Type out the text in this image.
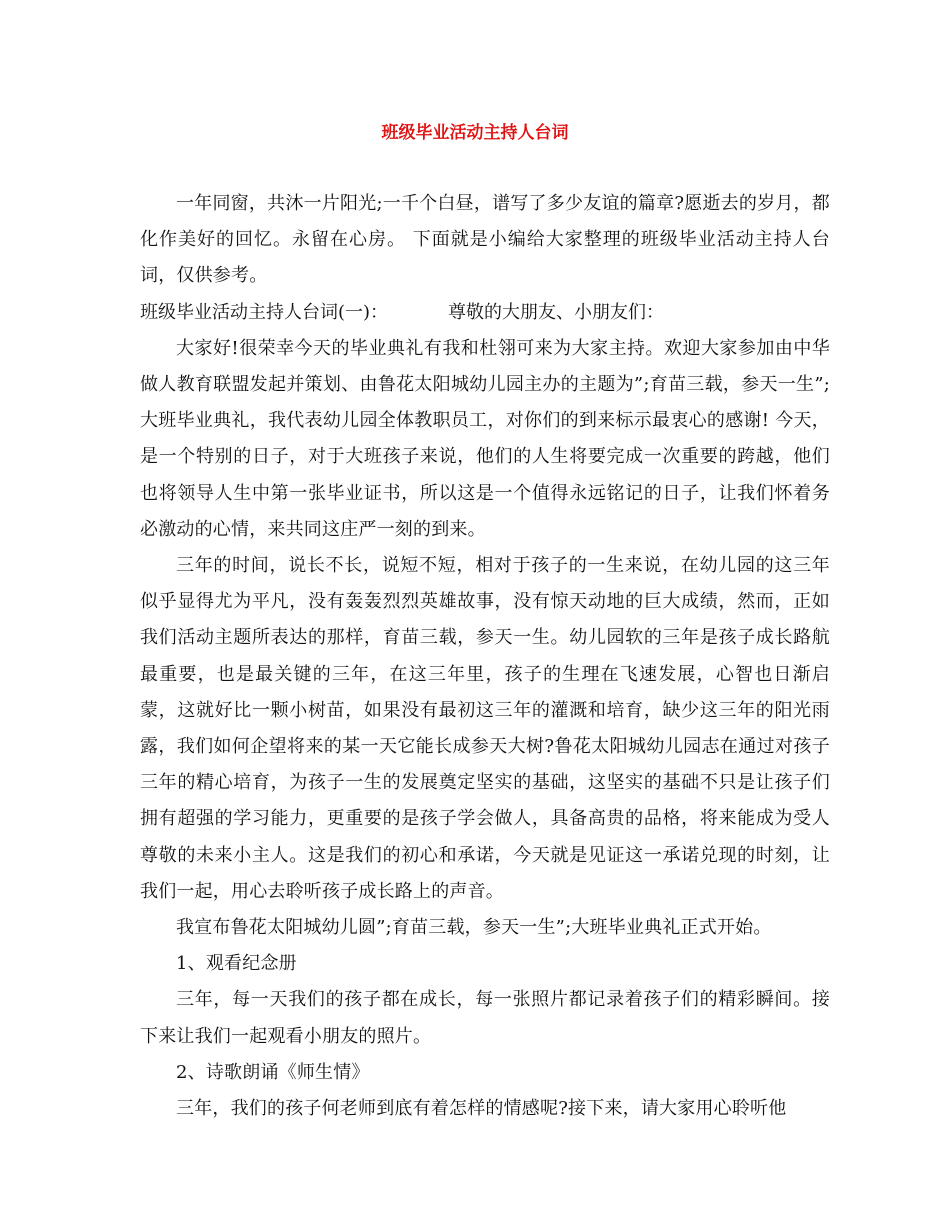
班级毕业活动主持人台词

一年同窗，共沐一片阳光;一千个白昼，谱写了多少友谊的篇章?愿逝去的岁月，都化作美好的回忆。永留在心房。 下面就是小编给大家整理的班级毕业活动主持人台词，仅供参考。

班级毕业活动主持人台词(一)：	尊敬的大朋友、小朋友们：

大家好!很荣幸今天的毕业典礼有我和杜翎可来为大家主持。欢迎大家参加由中华做人教育联盟发起并策划、由鲁花太阳城幼儿园主办的主题为”;育苗三载，参天一生”;大班毕业典礼，我代表幼儿园全体教职员工，对你们的到来标示最衷心的感谢! 今天，是一个特别的日子，对于大班孩子来说，他们的人生将要完成一次重要的跨越，他们也将领导人生中第一张毕业证书，所以这是一个值得永远铭记的日子，让我们怀着务必激动的心情，来共同这庄严一刻的到来。

三年的时间，说长不长，说短不短，相对于孩子的一生来说，在幼儿园的这三年似乎显得尤为平凡，没有轰轰烈烈英雄故事，没有惊天动地的巨大成绩，然而，正如我们活动主题所表达的那样，育苗三载，参天一生。幼儿园软的三年是孩子成长路航最重要，也是最关键的三年，在这三年里，孩子的生理在飞速发展，心智也日渐启蒙，这就好比一颗小树苗，如果没有最初这三年的灌溉和培育，缺少这三年的阳光雨露，我们如何企望将来的某一天它能长成参天大树?鲁花太阳城幼儿园志在通过对孩子三年的精心培育，为孩子一生的发展奠定坚实的基础，这坚实的基础不只是让孩子们拥有超强的学习能力，更重要的是孩子学会做人，具备高贵的品格，将来能成为受人尊敬的未来小主人。这是我们的初心和承诺，今天就是见证这一承诺兑现的时刻，让我们一起，用心去聆听孩子成长路上的声音。

我宣布鲁花太阳城幼儿圆”;育苗三载，参天一生”;大班毕业典礼正式开始。

1、观看纪念册

三年，每一天我们的孩子都在成长，每一张照片都记录着孩子们的精彩瞬间。接下来让我们一起观看小朋友的照片。

2、诗歌朗诵《师生情》

三年，我们的孩子何老师到底有着怎样的情感呢?接下来，请大家用心聆听他
